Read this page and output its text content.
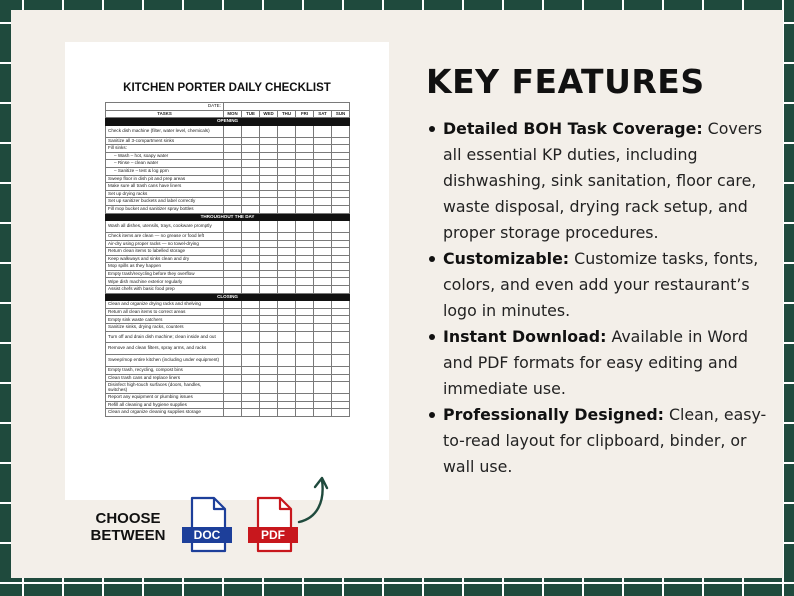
KITCHEN PORTER DAILY CHECKLIST
DATE:							
TASKS	MON	TUE	WED	THU	FRI	SAT	SUN
OPENING							
Check dish machine (filter, water level, chemicals)							
Sanitize all 3-compartment sinks							
Fill sinks:							
– Wash – hot, soapy water							
– Rinse – clean water							
– Sanitize – test & log ppm							
Sweep floor in dish pit and prep areas							
Make sure all trash cans have liners							
Set up drying racks							
Set up sanitizer buckets and label correctly							
Fill mop bucket and sanitizer spray bottles							
THROUGHOUT THE DAY							
Wash all dishes, utensils, trays, cookware promptly							
Check items are clean — no grease or food left							
Air-dry using proper racks — no towel-drying							
Return clean items to labelled storage							
Keep walkways and sinks clean and dry							
Mop spills as they happen							
Empty trash/recycling before they overflow							
Wipe dish machine exterior regularly							
Assist chefs with basic food prep							
CLOSING							
Clean and organize drying racks and shelving							
Return all clean items to correct areas							
Empty sink waste catchers							
Sanitize sinks, drying racks, counters							
Turn off and drain dish machine; clean inside and out							
Remove and clean filters, spray arms, and racks							
Sweep/mop entire kitchen (including under equipment)							
Empty trash, recycling, compost bins							
Clean trash cans and replace liners							
Disinfect high-touch surfaces (doors, handles, switches)							
Report any equipment or plumbing issues							
Refill all cleaning and hygiene supplies							
Clean and organize cleaning supplies storage							
CHOOSE
BETWEEN	DOC	PDF
KEY FEATURES
Detailed BOH Task Coverage: Covers all essential KP duties, including dishwashing, sink sanitation, floor care, waste disposal, drying rack setup, and proper storage procedures.
Customizable: Customize tasks, fonts, colors, and even add your restaurant’s logo in minutes.
Instant Download: Available in Word and PDF formats for easy editing and immediate use.
Professionally Designed: Clean, easy-to-read layout for clipboard, binder, or wall use.
